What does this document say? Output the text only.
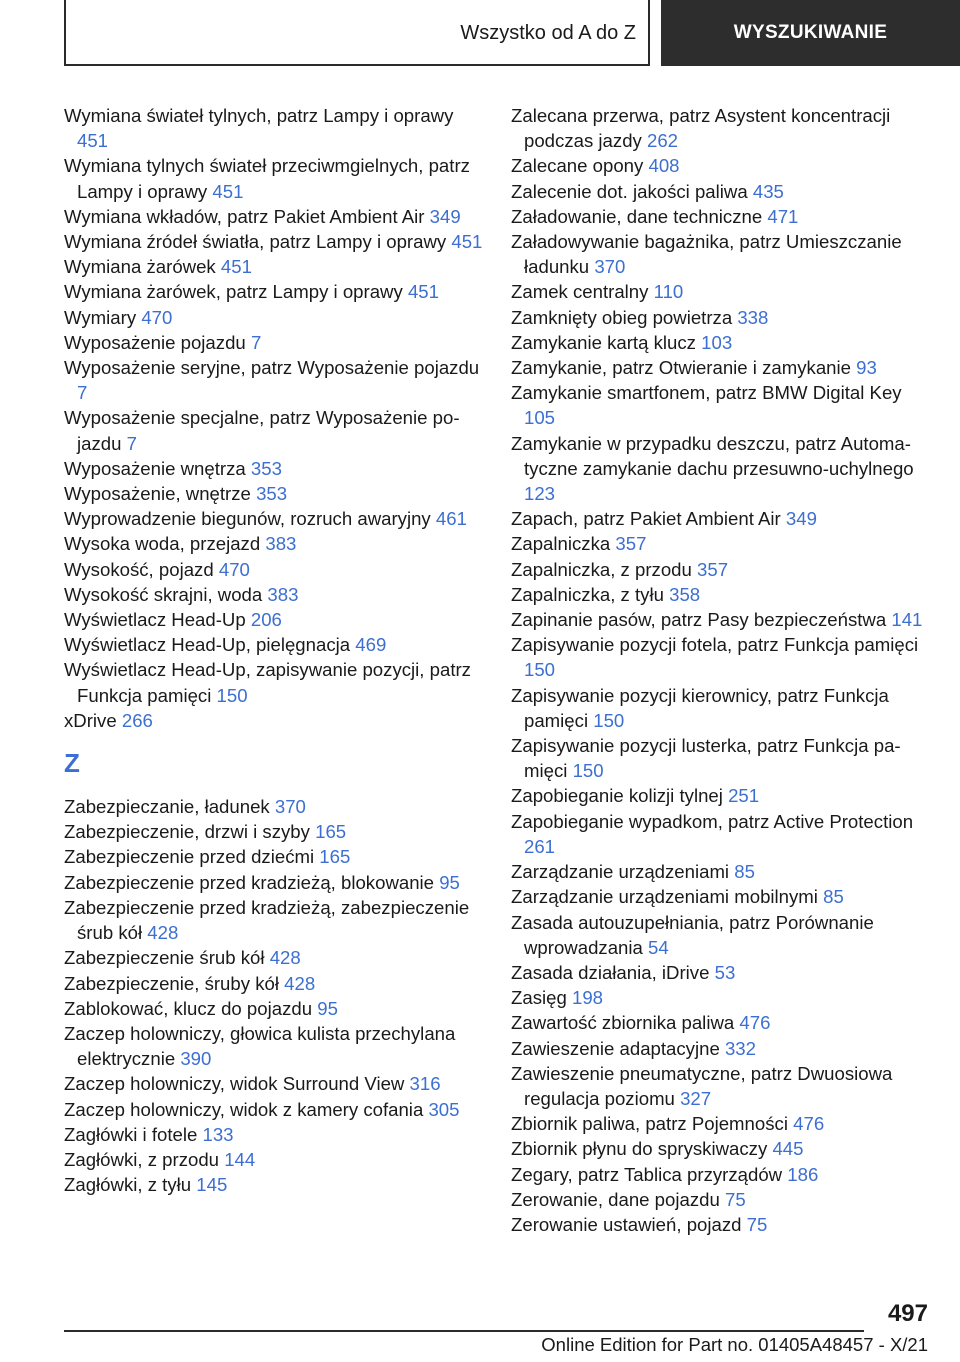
Wszystko od A do Z	WYSZUKIWANIE
Wymiana świateł tylnych, patrz Lampy i oprawy 451
Wymiana tylnych świateł przeciwmgielnych, patrz Lampy i oprawy 451
Wymiana wkładów, patrz Pakiet Ambient Air 349
Wymiana źródeł światła, patrz Lampy i oprawy 451
Wymiana żarówek 451
Wymiana żarówek, patrz Lampy i oprawy 451
Wymiary 470
Wyposażenie pojazdu 7
Wyposażenie seryjne, patrz Wyposażenie pojazdu 7
Wyposażenie specjalne, patrz Wyposażenie pojazdu 7
Wyposażenie wnętrza 353
Wyposażenie, wnętrze 353
Wyprowadzenie biegunów, rozruch awaryjny 461
Wysoka woda, przejazd 383
Wysokość, pojazd 470
Wysokość skrajni, woda 383
Wyświetlacz Head-Up 206
Wyświetlacz Head-Up, pielęgnacja 469
Wyświetlacz Head-Up, zapisywanie pozycji, patrz Funkcja pamięci 150
xDrive 266
Z
Zabezpieczanie, ładunek 370
Zabezpieczenie, drzwi i szyby 165
Zabezpieczenie przed dziećmi 165
Zabezpieczenie przed kradzieżą, blokowanie 95
Zabezpieczenie przed kradzieżą, zabezpieczenie śrub kół 428
Zabezpieczenie śrub kół 428
Zabezpieczenie, śruby kół 428
Zablokować, klucz do pojazdu 95
Zaczep holowniczy, głowica kulista przechylana elektrycznie 390
Zaczep holowniczy, widok Surround View 316
Zaczep holowniczy, widok z kamery cofania 305
Zagłówki i fotele 133
Zagłówki, z przodu 144
Zagłówki, z tyłu 145
Zalecana przerwa, patrz Asystent koncentracji podczas jazdy 262
Zalecane opony 408
Zalecenie dot. jakości paliwa 435
Załadowanie, dane techniczne 471
Załadowywanie bagażnika, patrz Umieszczanie ładunku 370
Zamek centralny 110
Zamknięty obieg powietrza 338
Zamykanie kartą klucz 103
Zamykanie, patrz Otwieranie i zamykanie 93
Zamykanie smartfonem, patrz BMW Digital Key 105
Zamykanie w przypadku deszczu, patrz Automatyczne zamykanie dachu przesuwno-uchylnego 123
Zapach, patrz Pakiet Ambient Air 349
Zapalniczka 357
Zapalniczka, z przodu 357
Zapalniczka, z tyłu 358
Zapinanie pasów, patrz Pasy bezpieczeństwa 141
Zapisywanie pozycji fotela, patrz Funkcja pamięci 150
Zapisywanie pozycji kierownicy, patrz Funkcja pamięci 150
Zapisywanie pozycji lusterka, patrz Funkcja pamięci 150
Zapobieganie kolizji tylnej 251
Zapobieganie wypadkom, patrz Active Protection 261
Zarządzanie urządzeniami 85
Zarządzanie urządzeniami mobilnymi 85
Zasada autouzupełniania, patrz Porównanie wprowadzania 54
Zasada działania, iDrive 53
Zasięg 198
Zawartość zbiornika paliwa 476
Zawieszenie adaptacyjne 332
Zawieszenie pneumatyczne, patrz Dwuosiowa regulacja poziomu 327
Zbiornik paliwa, patrz Pojemności 476
Zbiornik płynu do spryskiwaczy 445
Zegary, patrz Tablica przyrządów 186
Zerowanie, dane pojazdu 75
Zerowanie ustawień, pojazd 75
497
Online Edition for Part no. 01405A48457 - X/21
